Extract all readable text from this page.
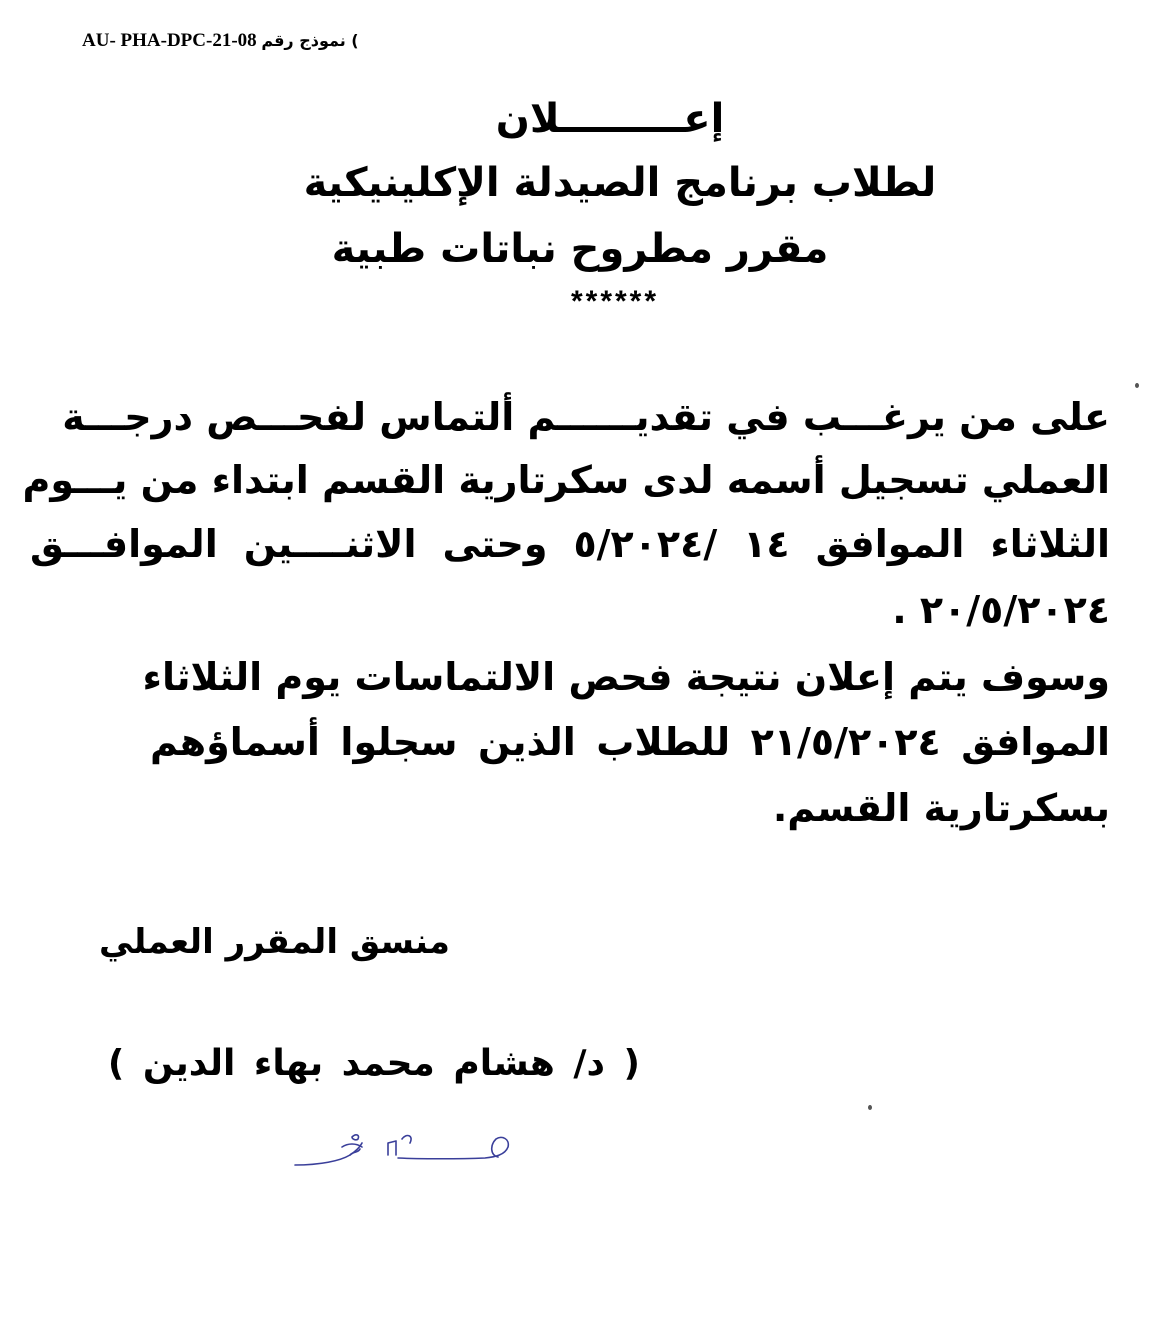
AU- PHA-DPC-21-08 نموذج رقم (
إعـــــــــلان
لطلاب برنامج الصيدلة الإكلينيكية
مقرر مطروح نباتات طبية
******
على من يرغـــب في تقديــــــم ألتماس لفحـــص درجـــة
العملي تسجيل أسمه لدى سكرتارية القسم ابتداء من يـــوم
الثلاثاء الموافق ١٤ /٥/٢٠٢٤ وحتى الاثنــــين الموافـــق
٢٠/٥/٢٠٢٤ .
وسوف يتم إعلان نتيجة فحص الالتماسات يوم الثلاثاء
الموافق ٢١/٥/٢٠٢٤ للطلاب الذين سجلوا أسماؤهم
بسكرتارية القسم.
منسق المقرر العملي
( د/ هشام محمد بهاء الدين )
